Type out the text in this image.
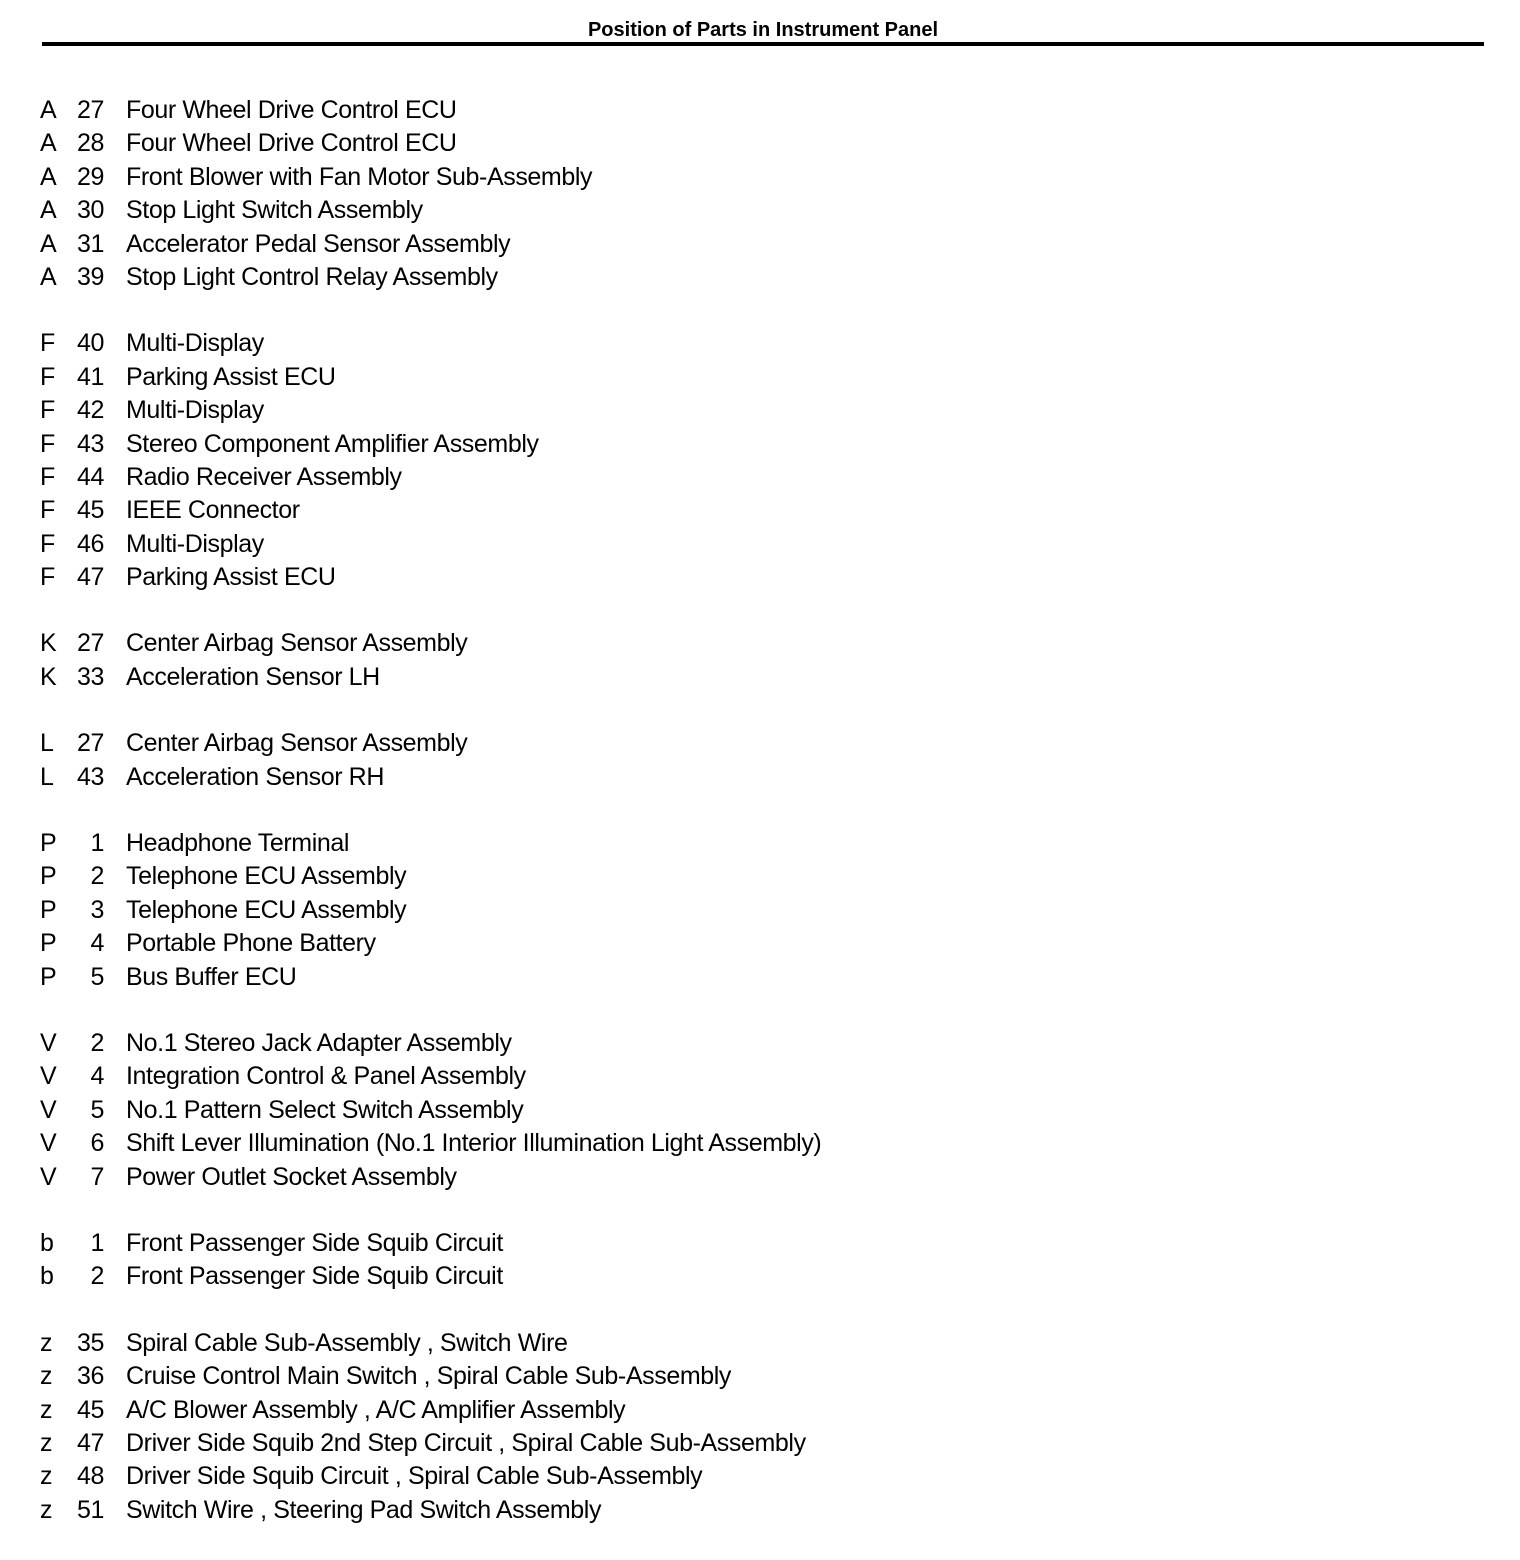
Position of Parts in Instrument Panel
A 27 Four Wheel Drive Control ECU
A 28 Four Wheel Drive Control ECU
A 29 Front Blower with Fan Motor Sub-Assembly
A 30 Stop Light Switch Assembly
A 31 Accelerator Pedal Sensor Assembly
A 39 Stop Light Control Relay Assembly
F 40 Multi-Display
F 41 Parking Assist ECU
F 42 Multi-Display
F 43 Stereo Component Amplifier Assembly
F 44 Radio Receiver Assembly
F 45 IEEE Connector
F 46 Multi-Display
F 47 Parking Assist ECU
K 27 Center Airbag Sensor Assembly
K 33 Acceleration Sensor LH
L 27 Center Airbag Sensor Assembly
L 43 Acceleration Sensor RH
P	1 Headphone Terminal
P	2 Telephone ECU Assembly
P	3 Telephone ECU Assembly
P	4 Portable Phone Battery
P	5 Bus Buffer ECU
V	2 No.1 Stereo Jack Adapter Assembly
V	4 Integration Control & Panel Assembly
V	5 No.1 Pattern Select Switch Assembly
V	6 Shift Lever Illumination (No.1 Interior Illumination Light Assembly)
V	7 Power Outlet Socket Assembly
b	1 Front Passenger Side Squib Circuit
b	2 Front Passenger Side Squib Circuit
z 35 Spiral Cable Sub-Assembly , Switch Wire
z 36 Cruise Control Main Switch , Spiral Cable Sub-Assembly
z 45 A/C Blower Assembly , A/C Amplifier Assembly
z 47 Driver Side Squib 2nd Step Circuit , Spiral Cable Sub-Assembly
z 48 Driver Side Squib Circuit , Spiral Cable Sub-Assembly
z 51 Switch Wire , Steering Pad Switch Assembly
